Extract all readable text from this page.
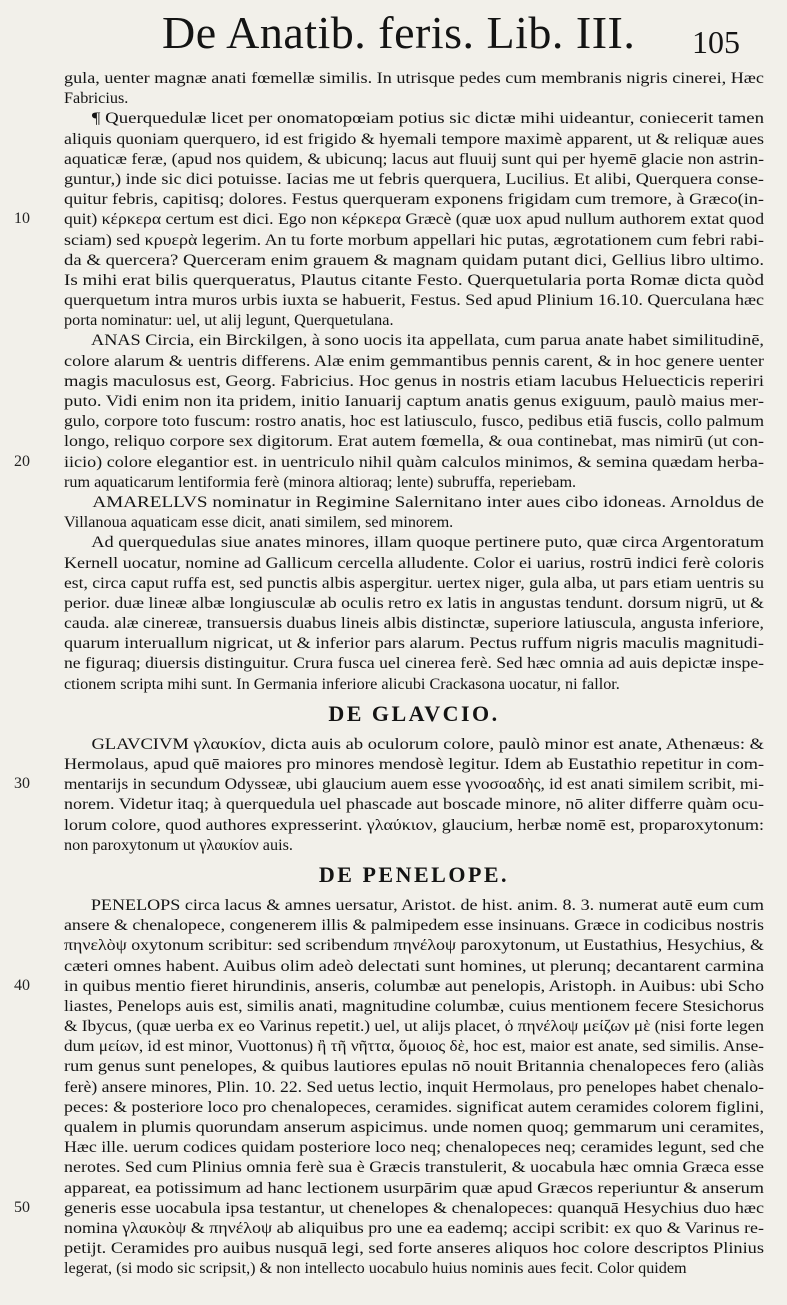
De Anatib. feris. Lib. III. 105
gula, uenter magnæ anati fœmellæ similis. In utrisque pedes cum membranis nigris cinerei, Hæc
Fabricius.
¶ Querquedulæ licet per onomatopœiam potius sic dictæ mihi uideantur, coniecerit tamen
aliquis quoniam querquero, id est frigido & hyemali tempore maximè apparent, ut & reliquæ aues
aquaticæ feræ, (apud nos quidem, & ubicunq; lacus aut fluuij sunt qui per hyemē glacie non astrin-
guntur,) inde sic dici potuisse. Iacias me ut febris querquera, Lucilius. Et alibi, Querquera conse-
quitur febris, capitisq; dolores. Festus querqueram exponens frigidam cum tremore, à Græco(in-
10	quit) κέρκερα certum est dici. Ego non κέρκερα Græcè (quæ uox apud nullum authorem extat quod
sciam) sed κρυερὰ legerim. An tu forte morbum appellari hic putas, ægrotationem cum febri rabi-
da & quercera? Querceram enim grauem & magnam quidam putant dici, Gellius libro ultimo.
Is mihi erat bilis querqueratus, Plautus citante Festo. Querquetularia porta Romæ dicta quòd
querquetum intra muros urbis iuxta se habuerit, Festus. Sed apud Plinium 16.10. Querculana hæc
porta nominatur: uel, ut alij legunt, Querquetulana.
ANAS Circia, ein Birckilgen, à sono uocis ita appellata, cum parua anate habet similitudinē,
colore alarum & uentris differens. Alæ enim gemmantibus pennis carent, & in hoc genere uenter
magis maculosus est, Georg. Fabricius. Hoc genus in nostris etiam lacubus Heluecticis reperiri
puto. Vidi enim non ita pridem, initio Ianuarij captum anatis genus exiguum, paulò maius mer-
gulo, corpore toto fuscum: rostro anatis, hoc est latiusculo, fusco, pedibus etiā fuscis, collo palmum
longo, reliquo corpore sex digitorum. Erat autem fœmella, & oua continebat, mas nimirū (ut con-
20	iicio) colore elegantior est. in uentriculo nihil quàm calculos minimos, & semina quædam herba-
rum aquaticarum lentiformia ferè (minora altioraq; lente) subruffa, reperiebam.
AMARELLVS nominatur in Regimine Salernitano inter aues cibo idoneas. Arnoldus de
Villanoua aquaticam esse dicit, anati similem, sed minorem.
Ad querquedulas siue anates minores, illam quoque pertinere puto, quæ circa Argentoratum
Kernell uocatur, nomine ad Gallicum cercella alludente. Color ei uarius, rostrū indici ferè coloris
est, circa caput ruffa est, sed punctis albis aspergitur. uertex niger, gula alba, ut pars etiam uentris su
perior. duæ lineæ albæ longiusculæ ab oculis retro ex latis in angustas tendunt. dorsum nigrū, ut &
cauda. alæ cinereæ, transuersis duabus lineis albis distinctæ, superiore latiuscula, angusta inferiore,
quarum interuallum nigricat, ut & inferior pars alarum. Pectus ruffum nigris maculis magnitudi-
ne figuraq; diuersis distinguitur. Crura fusca uel cinerea ferè. Sed hæc omnia ad auis depictæ inspe-
ctionem scripta mihi sunt. In Germania inferiore alicubi Crackasona uocatur, ni fallor.
DE GLAVCIO.
GLAVCIVM γλαυκίον, dicta auis ab oculorum colore, paulò minor est anate, Athenæus: &
Hermolaus, apud quē maiores pro minores mendosè legitur. Idem ab Eustathio repetitur in com-
30	mentarijs in secundum Odysseæ, ubi glaucium auem esse γνοσοαδὴς, id est anati similem scribit, mi-
norem. Videtur itaq; à querquedula uel phascade aut boscade minore, nō aliter differre quàm ocu-
lorum colore, quod authores expresserint. γλαύκιον, glaucium, herbæ nomē est, proparoxytonum:
non paroxytonum ut γλαυκίον auis.
DE PENELOPE.
PENELOPS circa lacus & amnes uersatur, Aristot. de hist. anim. 8. 3. numerat autē eum cum
ansere & chenalopece, congenerem illis & palmipedem esse insinuans. Græce in codicibus nostris
πηνελὸψ oxytonum scribitur: sed scribendum πηνέλοψ paroxytonum, ut Eustathius, Hesychius, &
cæteri omnes habent. Auibus olim adeò delectati sunt homines, ut plerunq; decantarent carmina
40	in quibus mentio fieret hirundinis, anseris, columbæ aut penelopis, Aristoph. in Auibus: ubi Scho
liastes, Penelops auis est, similis anati, magnitudine columbæ, cuius mentionem fecere Stesichorus
& Ibycus, (quæ uerba ex eo Varinus repetit.) uel, ut alijs placet, ὁ πηνέλοψ μείζων μὲ (nisi forte legen
dum μείων, id est minor, Vuottonus) ἢ τῆ νῆττα, ὅμοιος δὲ, hoc est, maior est anate, sed similis. Anse-
rum genus sunt penelopes, & quibus lautiores epulas nō nouit Britannia chenalopeces fero (aliàs
ferè) ansere minores, Plin. 10. 22. Sed uetus lectio, inquit Hermolaus, pro penelopes habet chenalo-
peces: & posteriore loco pro chenalopeces, ceramides. significat autem ceramides colorem figlini,
qualem in plumis quorundam anserum aspicimus. unde nomen quoq; gemmarum uni ceramites,
Hæc ille. uerum codices quidam posteriore loco neq; chenalopeces neq; ceramides legunt, sed che
nerotes. Sed cum Plinius omnia ferè sua è Græcis transtulerit, & uocabula hæc omnia Græca esse
appareat, ea potissimum ad hanc lectionem usurpārim quæ apud Græcos reperiuntur & anserum
50	generis esse uocabula ipsa testantur, ut chenelopes & chenalopeces: quanquā Hesychius duo hæc
nomina γλαυκὸψ & πηνέλοψ ab aliquibus pro une ea eademq; accipi scribit: ex quo & Varinus re-
petijt. Ceramides pro auibus nusquā legi, sed forte anseres aliquos hoc colore descriptos Plinius
legerat, (si modo sic scripsit,) & non intellecto uocabulo huius nominis aues fecit. Color quidem
